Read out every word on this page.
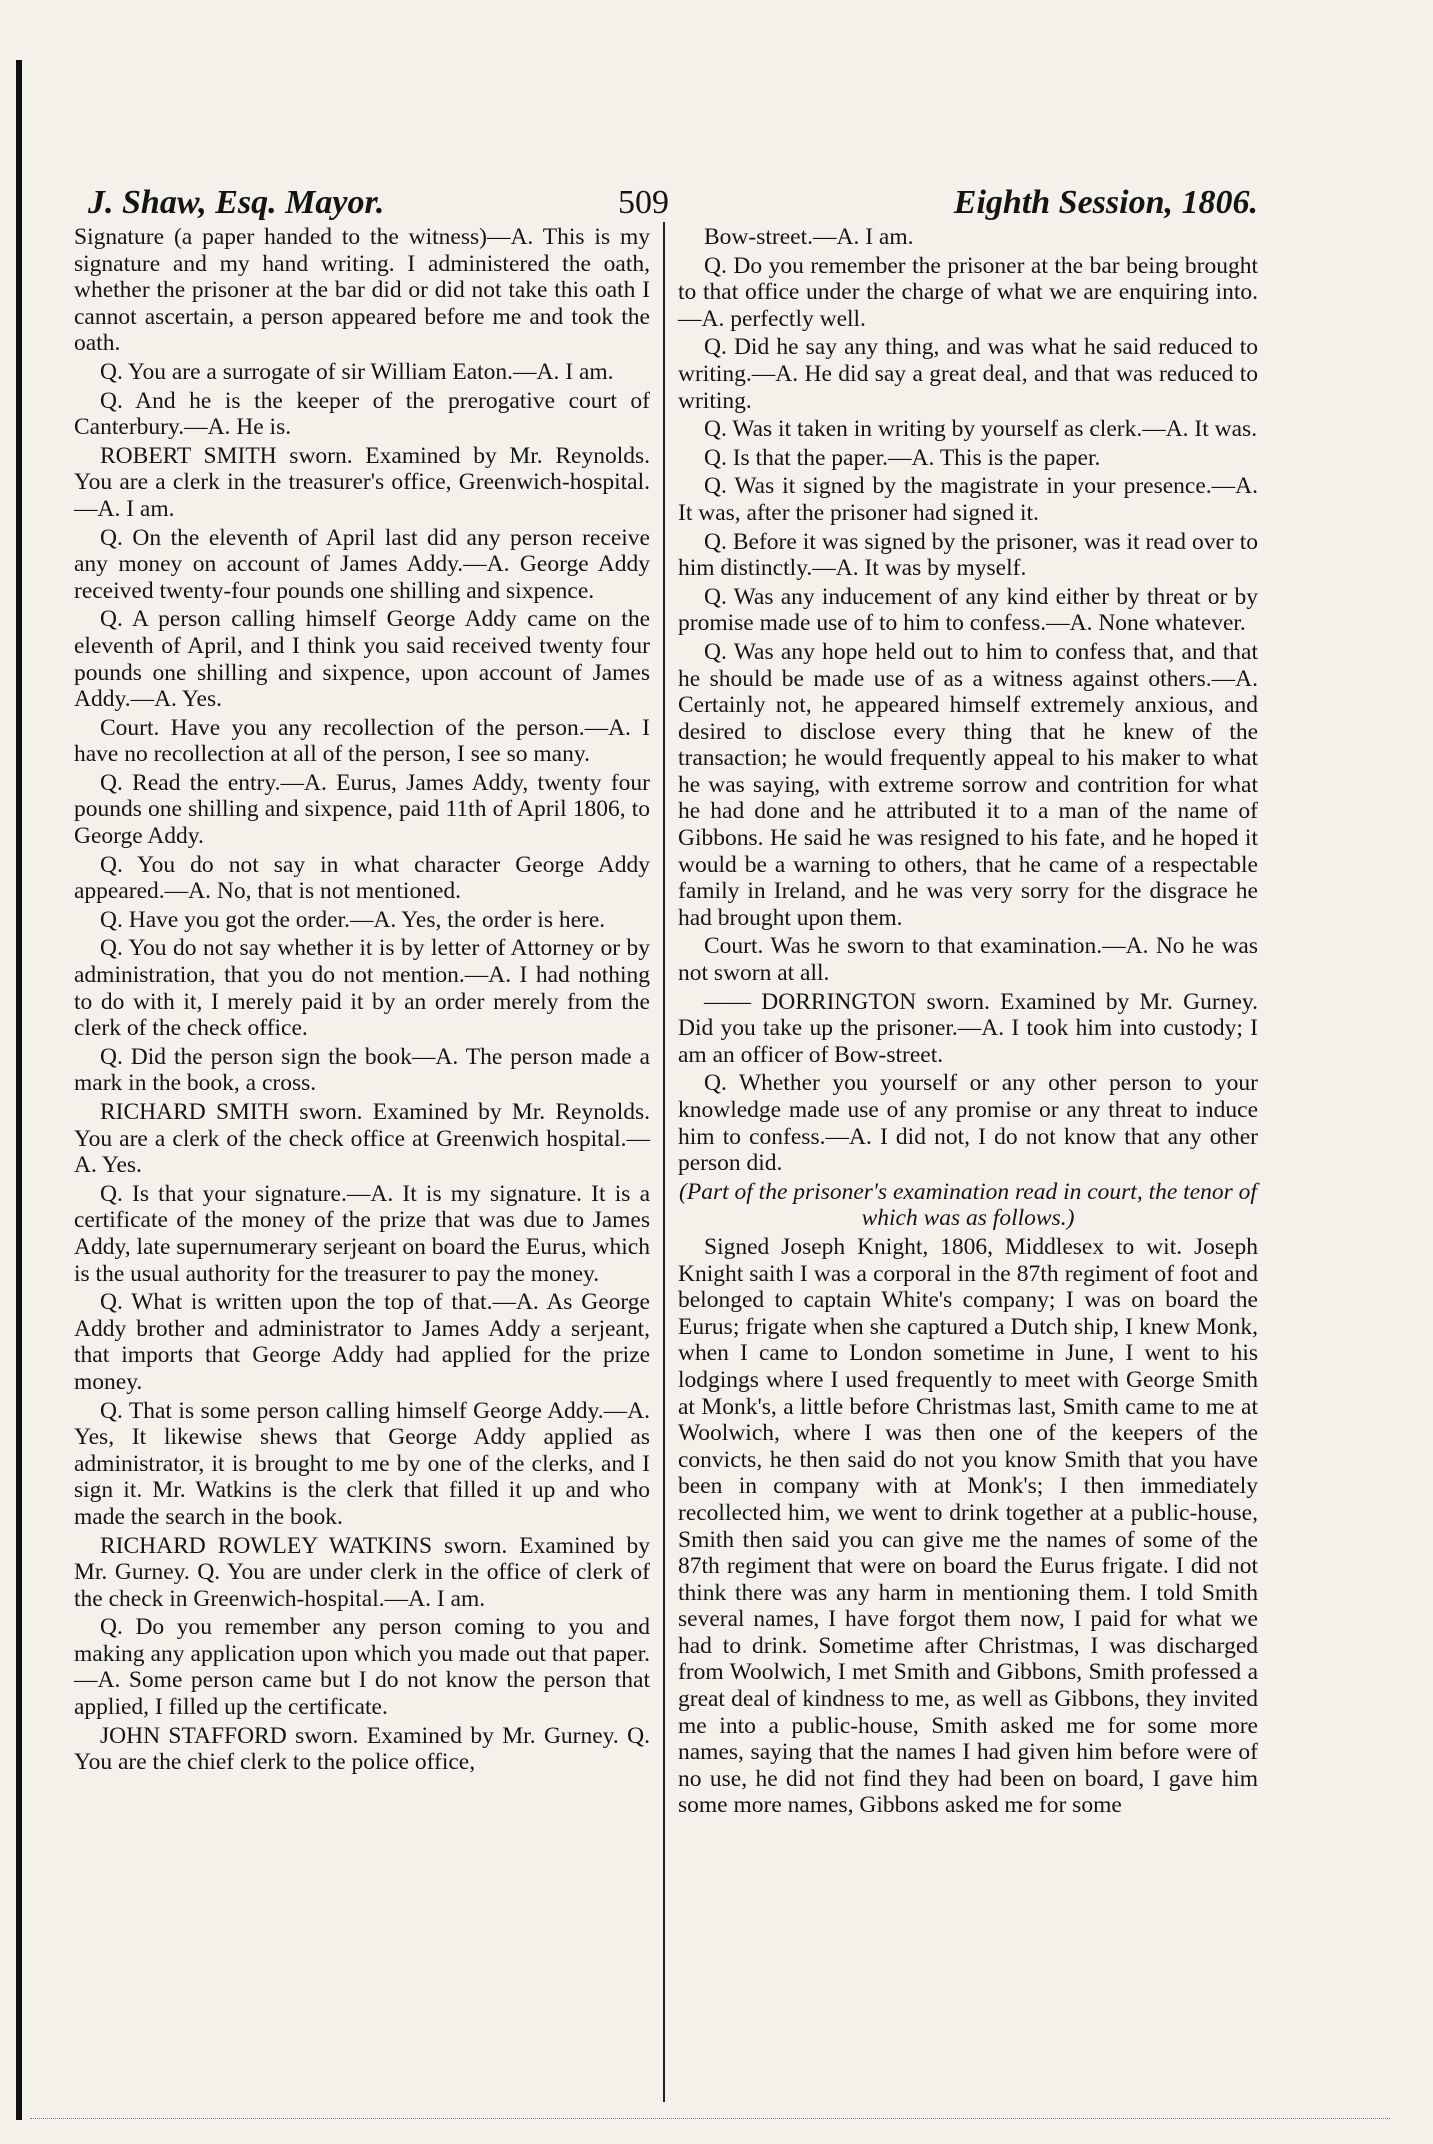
J. Shaw, Esq. Mayor.	509	Eighth Session, 1806.

Signature (a paper handed to the witness)—A. This is my signature and my hand writing. I administered the oath, whether the prisoner at the bar did or did not take this oath I cannot ascertain, a person appeared before me and took the oath.

Q. You are a surrogate of sir William Eaton.—A. I am.

Q. And he is the keeper of the prerogative court of Canterbury.—A. He is.

ROBERT SMITH sworn. Examined by Mr. Reynolds. You are a clerk in the treasurer's office, Greenwich-hospital.—A. I am.

Q. On the eleventh of April last did any person receive any money on account of James Addy.—A. George Addy received twenty-four pounds one shilling and sixpence.

Q. A person calling himself George Addy came on the eleventh of April, and I think you said received twenty four pounds one shilling and sixpence, upon account of James Addy.—A. Yes.

Court. Have you any recollection of the person.—A. I have no recollection at all of the person, I see so many.

Q. Read the entry.—A. Eurus, James Addy, twenty four pounds one shilling and sixpence, paid 11th of April 1806, to George Addy.

Q. You do not say in what character George Addy appeared.—A. No, that is not mentioned.

Q. Have you got the order.—A. Yes, the order is here.

Q. You do not say whether it is by letter of Attorney or by administration, that you do not mention.—A. I had nothing to do with it, I merely paid it by an order merely from the clerk of the check office.

Q. Did the person sign the book—A. The person made a mark in the book, a cross.

RICHARD SMITH sworn. Examined by Mr. Reynolds. You are a clerk of the check office at Greenwich hospital.—A. Yes.

Q. Is that your signature.—A. It is my signature. It is a certificate of the money of the prize that was due to James Addy, late supernumerary serjeant on board the Eurus, which is the usual authority for the treasurer to pay the money.

Q. What is written upon the top of that.—A. As George Addy brother and administrator to James Addy a serjeant, that imports that George Addy had applied for the prize money.

Q. That is some person calling himself George Addy.—A. Yes, It likewise shews that George Addy applied as administrator, it is brought to me by one of the clerks, and I sign it. Mr. Watkins is the clerk that filled it up and who made the search in the book.

RICHARD ROWLEY WATKINS sworn. Examined by Mr. Gurney. Q. You are under clerk in the office of clerk of the check in Greenwich-hospital.—A. I am.

Q. Do you remember any person coming to you and making any application upon which you made out that paper.—A. Some person came but I do not know the person that applied, I filled up the certificate.

JOHN STAFFORD sworn. Examined by Mr. Gurney. Q. You are the chief clerk to the police office,

Bow-street.—A. I am.

Q. Do you remember the prisoner at the bar being brought to that office under the charge of what we are enquiring into.—A. perfectly well.

Q. Did he say any thing, and was what he said reduced to writing.—A. He did say a great deal, and that was reduced to writing.

Q. Was it taken in writing by yourself as clerk.—A. It was.

Q. Is that the paper.—A. This is the paper.

Q. Was it signed by the magistrate in your presence.—A. It was, after the prisoner had signed it.

Q. Before it was signed by the prisoner, was it read over to him distinctly.—A. It was by myself.

Q. Was any inducement of any kind either by threat or by promise made use of to him to confess.—A. None whatever.

Q. Was any hope held out to him to confess that, and that he should be made use of as a witness against others.—A. Certainly not, he appeared himself extremely anxious, and desired to disclose every thing that he knew of the transaction; he would frequently appeal to his maker to what he was saying, with extreme sorrow and contrition for what he had done and he attributed it to a man of the name of Gibbons. He said he was resigned to his fate, and he hoped it would be a warning to others, that he came of a respectable family in Ireland, and he was very sorry for the disgrace he had brought upon them.

Court. Was he sworn to that examination.—A. No he was not sworn at all.

—— DORRINGTON sworn. Examined by Mr. Gurney. Did you take up the prisoner.—A. I took him into custody; I am an officer of Bow-street.

Q. Whether you yourself or any other person to your knowledge made use of any promise or any threat to induce him to confess.—A. I did not, I do not know that any other person did.

(Part of the prisoner's examination read in court, the tenor of which was as follows.)

Signed Joseph Knight, 1806, Middlesex to wit. Joseph Knight saith I was a corporal in the 87th regiment of foot and belonged to captain White's company; I was on board the Eurus; frigate when she captured a Dutch ship, I knew Monk, when I came to London sometime in June, I went to his lodgings where I used frequently to meet with George Smith at Monk's, a little before Christmas last, Smith came to me at Woolwich, where I was then one of the keepers of the convicts, he then said do not you know Smith that you have been in company with at Monk's; I then immediately recollected him, we went to drink together at a public-house, Smith then said you can give me the names of some of the 87th regiment that were on board the Eurus frigate. I did not think there was any harm in mentioning them. I told Smith several names, I have forgot them now, I paid for what we had to drink. Sometime after Christmas, I was discharged from Woolwich, I met Smith and Gibbons, Smith professed a great deal of kindness to me, as well as Gibbons, they invited me into a public-house, Smith asked me for some more names, saying that the names I had given him before were of no use, he did not find they had been on board, I gave him some more names, Gibbons asked me for some
